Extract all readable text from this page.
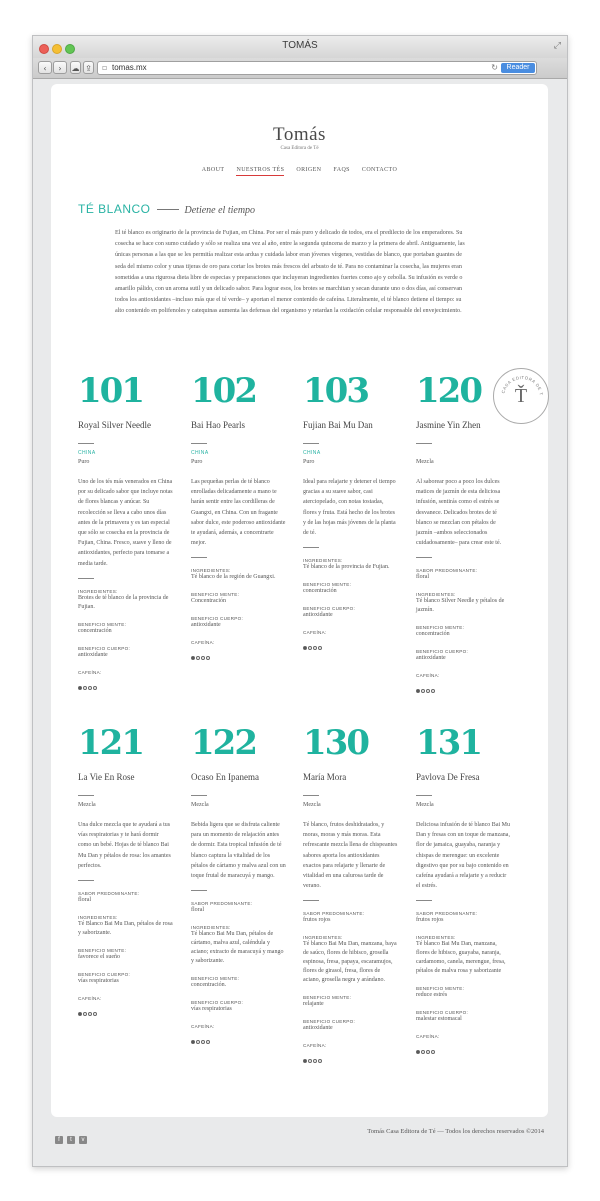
TOMÁS	⤢
‹	›	☁ ⇪ ▫ tomas.mx	↻	Reader
Tomás
Casa Editora de Té
ABOUT NUESTROS TÉS ORIGEN FAQS CONTACTO
TÉ BLANCO	Detiene el tiempo
El té blanco es originario de la provincia de Fujian, en China. Por ser el más puro y delicado de todos, era el predilecto de los emperadores. Su cosecha se hace con sumo cuidado y sólo se realiza una vez al año, entre la segunda quincena de marzo y la primera de abril. Antiguamente, las únicas personas a las que se les permitía realizar esta ardua y cuidada labor eran jóvenes vírgenes, vestidas de blanco, que portaban guantes de seda del mismo color y unas tijeras de oro para cortar los brotes más frescos del arbusto de té. Para no contaminar la cosecha, las mujeres eran sometidas a una rigurosa dieta libre de especias y preparaciones que incluyeran ingredientes fuertes como ajo y cebolla. Su infusión es verde o amarillo pálido, con un aroma sutil y un delicado sabor. Para lograr esos, los brotes se marchitan y secan durante uno o dos días, así conservan todos los antioxidantes –incluso más que el té verde– y aportan el menor contenido de cafeína. Literalmente, el té blanco detiene el tiempo: su alto contenido en polifenoles y catequinas aumenta las defensas del organismo y retardan la oxidación celular responsable del envejecimiento.
CASA EDITORA DE T
Ť
101
Royal Silver Needle
CHINA
Puro
Uno de los tés más venerados en China por su delicado sabor que incluye notas de flores blancas y anúcar. Su recolección se lleva a cabo unos días antes de la primavera y es tan especial que sólo se cosecha en la provincia de Fujian, China. Fresco, suave y lleno de antioxidantes, perfecto para tomarse a media tarde.
INGREDIENTES:
Brotes de té blanco de la provincia de Fujian.
BENEFICIO MENTE:
concentración
BENEFICIO CUERPO:
antioxidante
CAFEÍNA:
102
Bai Hao Pearls
CHINA
Puro
Las pequeñas perlas de té blanco enrolladas delicadamente a mano te harán sentir entre las cordilleras de Guangxi, en China. Con un fragante sabor dulce, este poderoso antioxidante te ayudará, además, a concentrarte mejor.
INGREDIENTES:
Té blanco de la región de Guangxi.
BENEFICIO MENTE:
Concentración
BENEFICIO CUERPO:
antioxidante
CAFEÍNA:
103
Fujian Bai Mu Dan
CHINA
Puro
Ideal para relajarte y detener el tiempo gracias a su suave sabor, casi aterciopelado, con notas tostadas, flores y fruta. Está hecho de los brotes y de las hojas más jóvenes de la planta de té.
INGREDIENTES:
Té blanco de la provincia de Fujian.
BENEFICIO MENTE:
concentración
BENEFICIO CUERPO:
antioxidante
CAFEÍNA:
120
Jasmine Yin Zhen
Mezcla
Al saborear poco a poco los dulces matices de jazmín de esta deliciosa infusión, sentirás como el estrés se desvanece. Delicados brotes de té blanco se mezclan con pétalos de jazmín –ambos seleccionados cuidadosamente– para crear este té.
SABOR PREDOMINANTE:
floral
INGREDIENTES:
Té blanco Silver Needle y pétalos de jazmín.
BENEFICIO MENTE:
concentración
BENEFICIO CUERPO:
antioxidante
CAFEÍNA:
121
La Vie En Rose
Mezcla
Una dulce mezcla que te ayudará a tus vías respiratorias y te hará dormir como un bebé. Hojas de té blanco Bai Mu Dan y pétalos de rosa: los amantes perfectos.
SABOR PREDOMINANTE:
floral
INGREDIENTES:
Té Blanco Bai Mu Dan, pétalos de rosa y saborizante.
BENEFICIO MENTE:
favorece el sueño
BENEFICIO CUERPO:
vías respiratorias
CAFEÍNA:
122
Ocaso En Ipanema
Mezcla
Bebida ligera que se disfruta caliente para un momento de relajación antes de dormir. Esta tropical infusión de té blanco captura la vitalidad de los pétalos de cártamo y malva azul con un toque frutal de maracuyá y mango.
SABOR PREDOMINANTE:
floral
INGREDIENTES:
Té blanco Bai Mu Dan, pétalos de cártamo, malva azul, caléndula y aciano; extracto de maracuyá y mango y saborizante.
BENEFICIO MENTE:
concentración.
BENEFICIO CUERPO:
vías respiratorias
CAFEÍNA:
130
María Mora
Mezcla
Té blanco, frutos deshidratados, y moras, moras y más moras. Esta refrescante mezcla llena de chispeantes sabores aporta los antioxidantes exactos para relajarte y llenarte de vitalidad en una calurosa tarde de verano.
SABOR PREDOMINANTE:
frutos rojos
INGREDIENTES:
Té blanco Bai Mu Dan, manzana, baya de saúco, flores de hibisco, grosella espinosa, fresa, papaya, escaramujos, flores de girasol, fresa, flores de aciano, grosella negra y arándano.
BENEFICIO MENTE:
relajante
BENEFICIO CUERPO:
antioxidante
CAFEÍNA:
131
Pavlova De Fresa
Mezcla
Deliciosa infusión de té blanco Bai Mu Dan y fresas con un toque de manzana, flor de jamaica, guayaba, naranja y chispas de merengue: un excelente digestivo que por su bajo contenido en cafeína ayudará a relajarte y a reducir el estrés.
SABOR PREDOMINANTE:
frutos rojos
INGREDIENTES:
Té blanco Bai Mu Dan, manzana, flores de hibisco, guayaba, naranja, cardamomo, canela, merengue, fresa, pétalos de malva rosa y saborizante
BENEFICIO MENTE:
reduce estrés
BENEFICIO CUERPO:
malestar estomacal
CAFEÍNA:
f t v
Tomás Casa Editora de Té — Todos los derechos reservados ©2014
